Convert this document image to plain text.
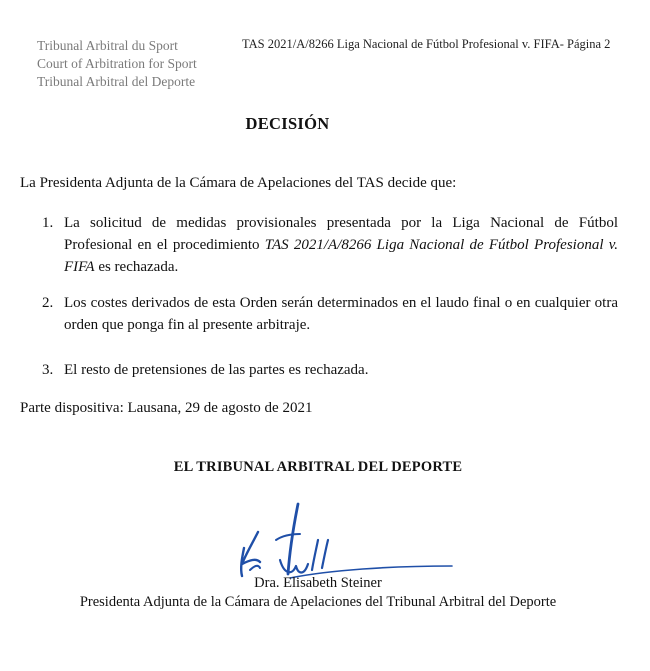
Tribunal Arbitral du Sport
Court of Arbitration for Sport
Tribunal Arbitral del Deporte
TAS 2021/A/8266 Liga Nacional de Fútbol Profesional v. FIFA- Página 2
DECISIÓN
La Presidenta Adjunta de la Cámara de Apelaciones del TAS decide que:
1. La solicitud de medidas provisionales presentada por la Liga Nacional de Fútbol Profesional en el procedimiento TAS 2021/A/8266 Liga Nacional de Fútbol Profesional v. FIFA es rechazada.
2. Los costes derivados de esta Orden serán determinados en el laudo final o en cualquier otra orden que ponga fin al presente arbitraje.
3. El resto de pretensiones de las partes es rechazada.
Parte dispositiva: Lausana, 29 de agosto de 2021
EL TRIBUNAL ARBITRAL DEL DEPORTE
Dra. Elisabeth Steiner
Presidenta Adjunta de la Cámara de Apelaciones del Tribunal Arbitral del Deporte
